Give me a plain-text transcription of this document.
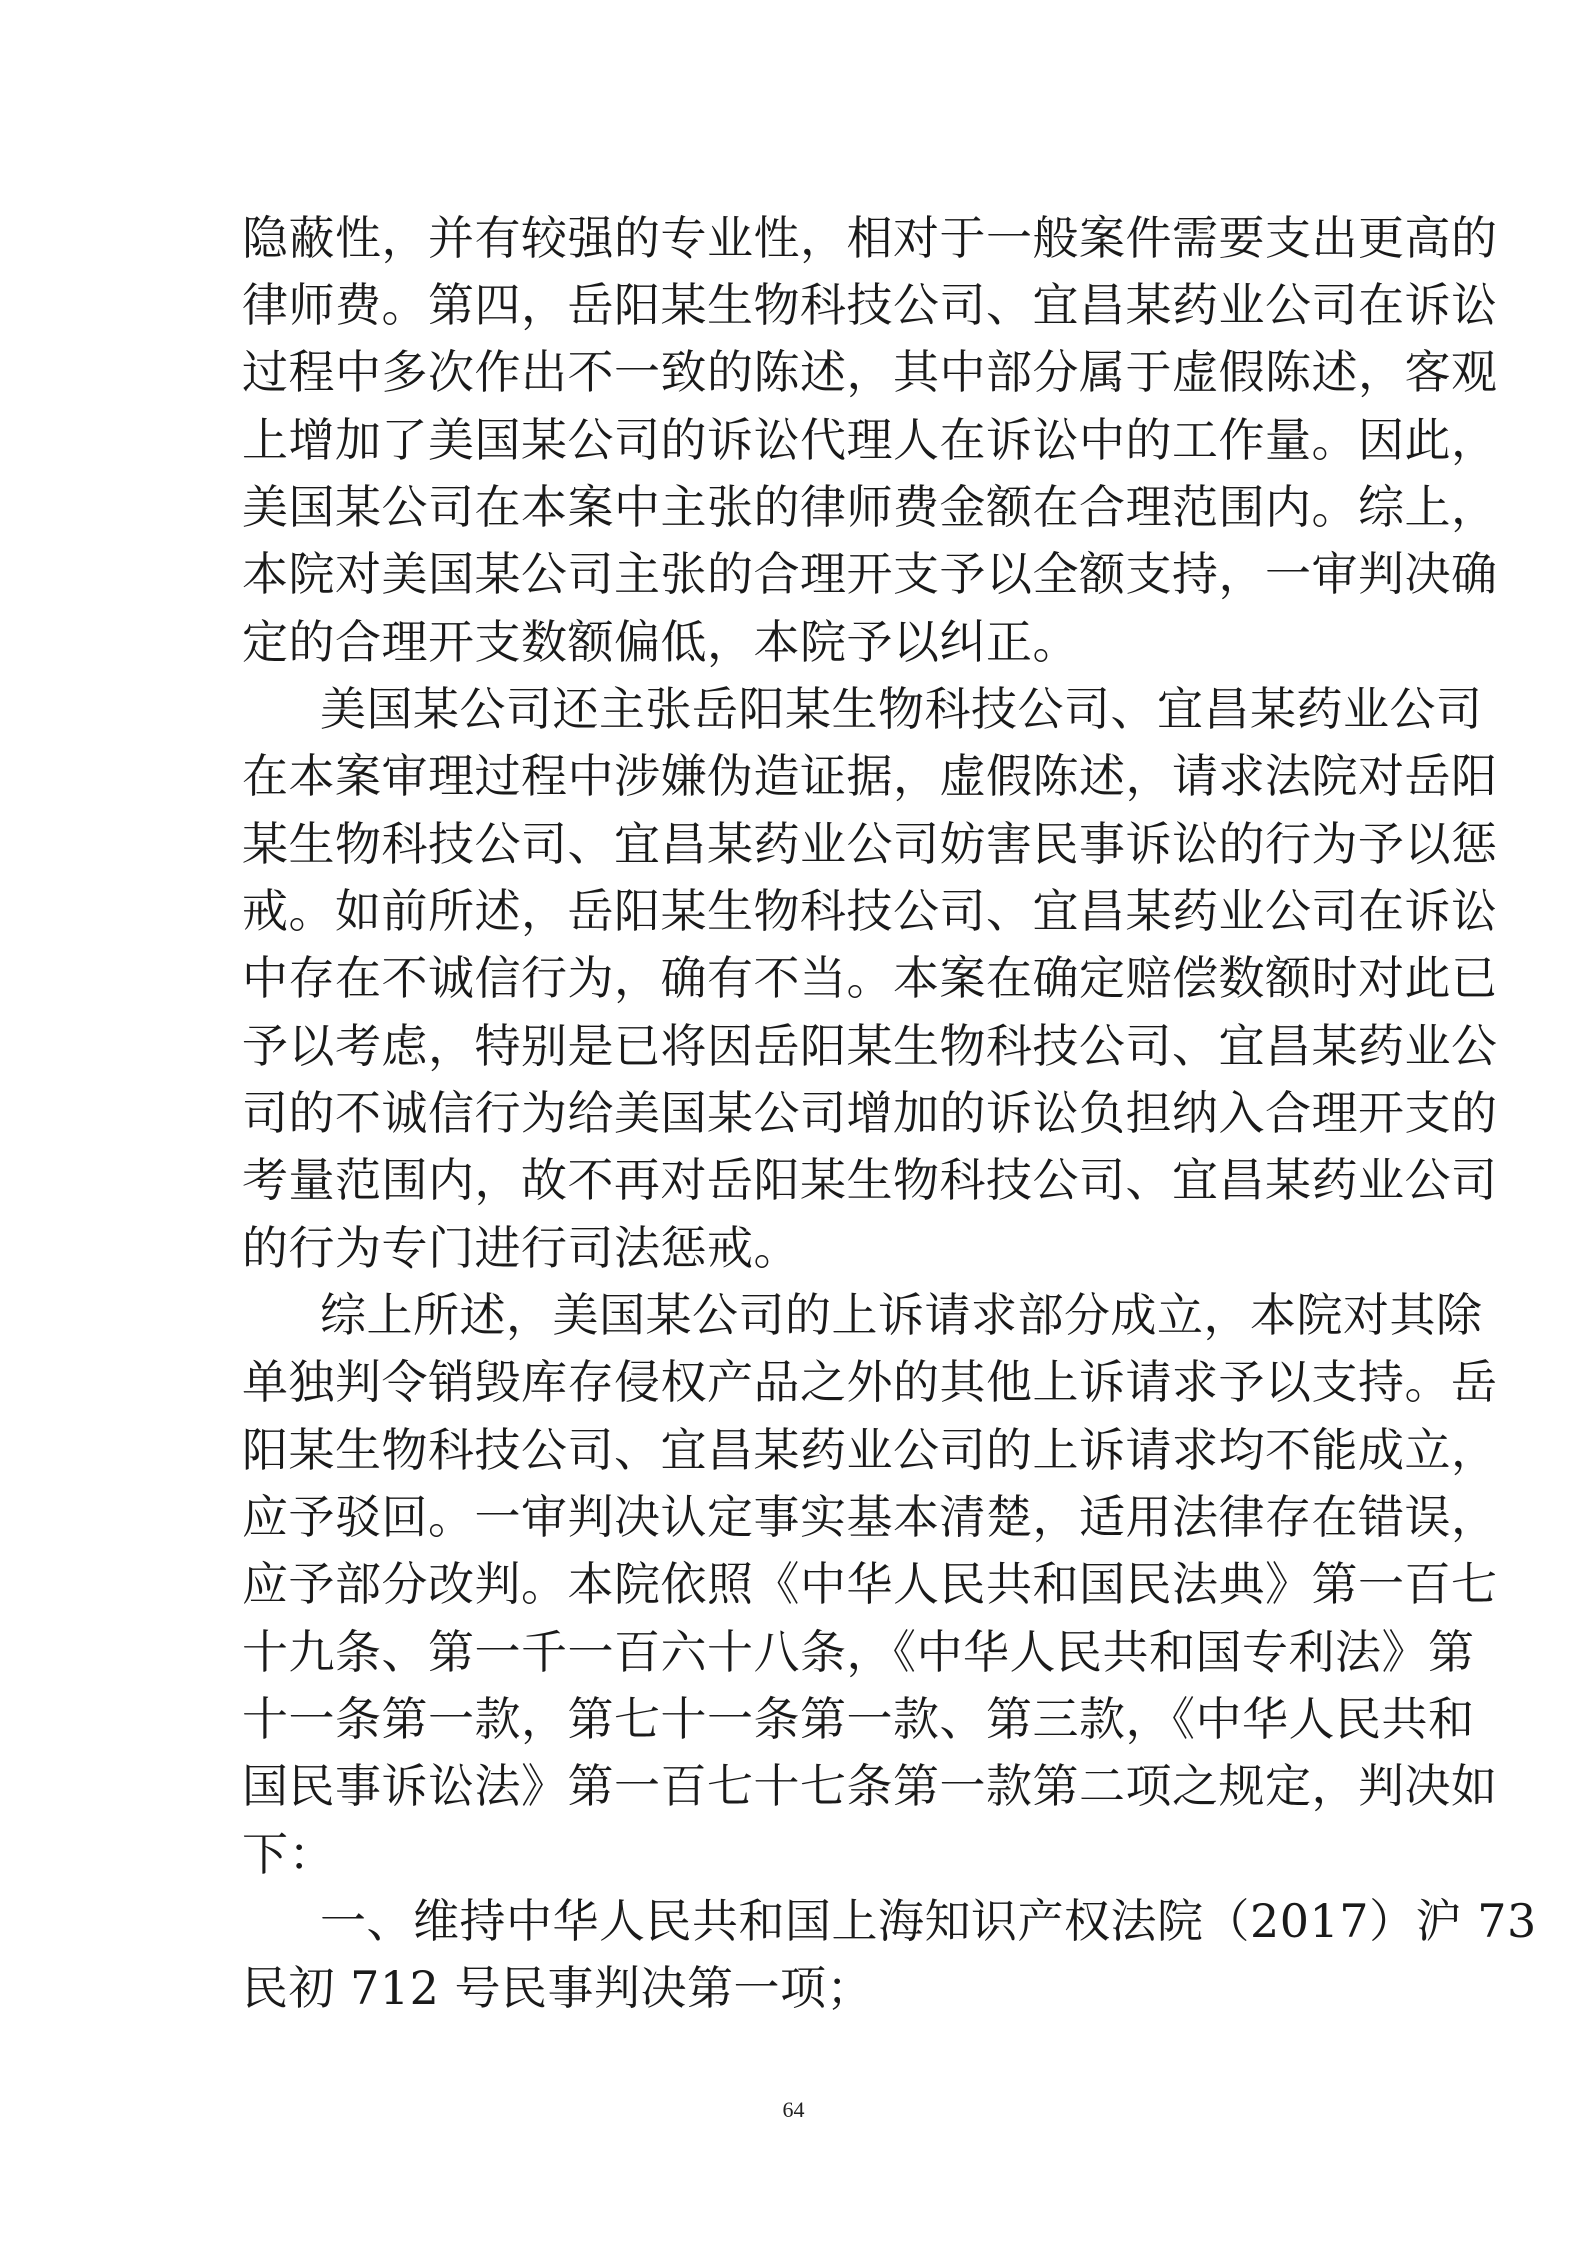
隐蔽性，并有较强的专业性，相对于一般案件需要支出更高的
律师费。第四，岳阳某生物科技公司、宜昌某药业公司在诉讼
过程中多次作出不一致的陈述，其中部分属于虚假陈述，客观
上增加了美国某公司的诉讼代理人在诉讼中的工作量。因此，
美国某公司在本案中主张的律师费金额在合理范围内。综上，
本院对美国某公司主张的合理开支予以全额支持，一审判决确
定的合理开支数额偏低，本院予以纠正。
美国某公司还主张岳阳某生物科技公司、宜昌某药业公司
在本案审理过程中涉嫌伪造证据，虚假陈述，请求法院对岳阳
某生物科技公司、宜昌某药业公司妨害民事诉讼的行为予以惩
戒。如前所述，岳阳某生物科技公司、宜昌某药业公司在诉讼
中存在不诚信行为，确有不当。本案在确定赔偿数额时对此已
予以考虑，特别是已将因岳阳某生物科技公司、宜昌某药业公
司的不诚信行为给美国某公司增加的诉讼负担纳入合理开支的
考量范围内，故不再对岳阳某生物科技公司、宜昌某药业公司
的行为专门进行司法惩戒。
综上所述，美国某公司的上诉请求部分成立，本院对其除
单独判令销毁库存侵权产品之外的其他上诉请求予以支持。岳
阳某生物科技公司、宜昌某药业公司的上诉请求均不能成立，
应予驳回。一审判决认定事实基本清楚，适用法律存在错误，
应予部分改判。本院依照《中华人民共和国民法典》第一百七
十九条、第一千一百六十八条，《中华人民共和国专利法》第
十一条第一款，第七十一条第一款、第三款，《中华人民共和
国民事诉讼法》第一百七十七条第一款第二项之规定，判决如
下：
一、维持中华人民共和国上海知识产权法院（2017）沪 73
民初 712 号民事判决第一项；
64
